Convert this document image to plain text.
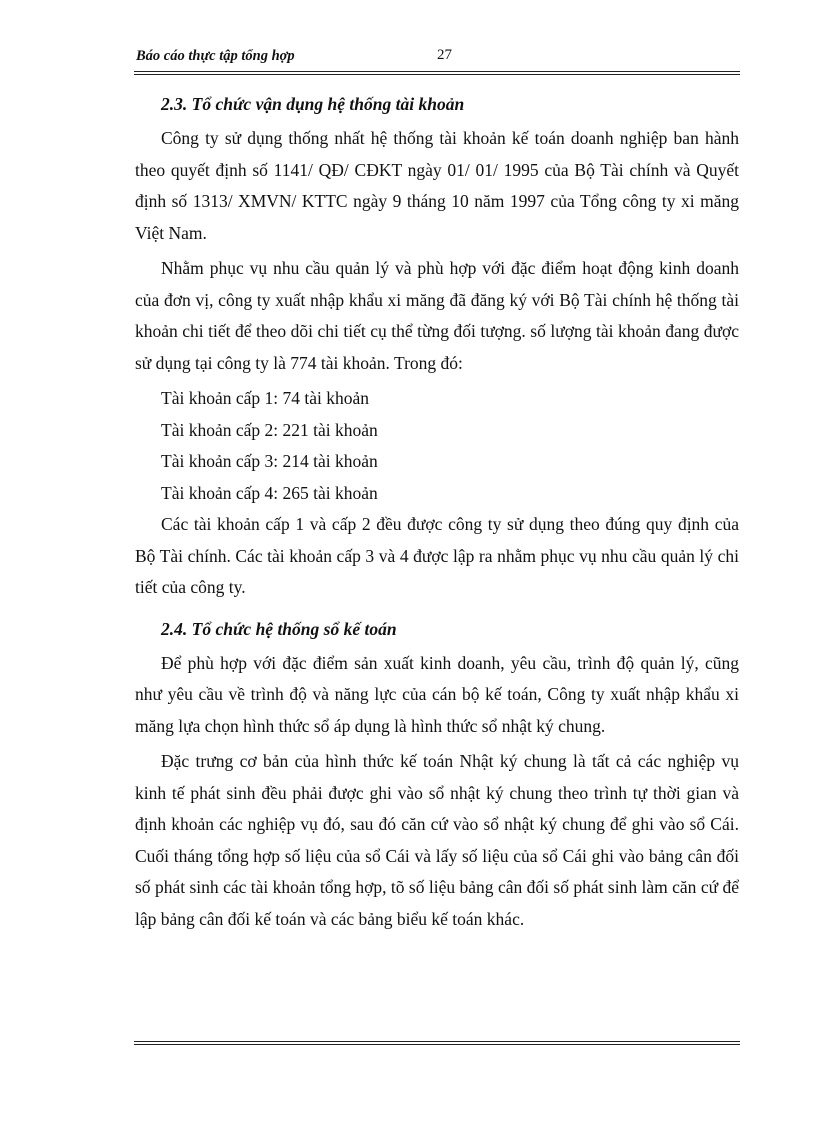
Báo cáo thực tập tổng hợp	27
2.3. Tổ chức vận dụng hệ thống tài khoản

Công ty sử dụng thống nhất hệ thống tài khoản kế toán doanh nghiệp ban hành theo quyết định số 1141/ QĐ/ CĐKT ngày 01/ 01/ 1995 của Bộ Tài chính và Quyết định số 1313/ XMVN/ KTTC ngày 9 tháng 10 năm 1997 của Tổng công ty xi măng Việt Nam.

Nhằm phục vụ nhu cầu quản lý và phù hợp với đặc điểm hoạt động kinh doanh của đơn vị, công ty xuất nhập khẩu xi măng đã đăng ký với Bộ Tài chính hệ thống tài khoản chi tiết để theo dõi chi tiết cụ thể từng đối tượng. số lượng tài khoản đang được sử dụng tại công ty là 774 tài khoản. Trong đó:

Tài khoản cấp 1: 74 tài khoản

Tài khoản cấp 2: 221 tài khoản

Tài khoản cấp 3: 214 tài khoản

Tài khoản cấp 4: 265 tài khoản

Các tài khoản cấp 1 và cấp 2 đều được công ty sử dụng theo đúng quy định của Bộ Tài chính. Các tài khoản cấp 3 và 4 được lập ra nhằm phục vụ nhu cầu quản lý chi tiết của công ty.

2.4. Tổ chức hệ thống sổ kế toán

Để phù hợp với đặc điểm sản xuất kinh doanh, yêu cầu, trình độ quản lý, cũng như yêu cầu về trình độ và năng lực của cán bộ kế toán, Công ty xuất nhập khẩu xi măng lựa chọn hình thức sổ áp dụng là hình thức sổ nhật ký chung.

Đặc trưng cơ bản của hình thức kế toán Nhật ký chung là tất cả các nghiệp vụ kinh tế phát sinh đều phải được ghi vào sổ nhật ký chung theo trình tự thời gian và định khoản các nghiệp vụ đó, sau đó căn cứ vào sổ nhật ký chung để ghi vào sổ Cái. Cuối tháng tổng hợp số liệu của sổ Cái và lấy số liệu của sổ Cái ghi vào bảng cân đối số phát sinh các tài khoản tổng hợp, tõ số liệu bảng cân đối số phát sinh làm căn cứ để lập bảng cân đối kế toán và các bảng biểu kế toán khác.
